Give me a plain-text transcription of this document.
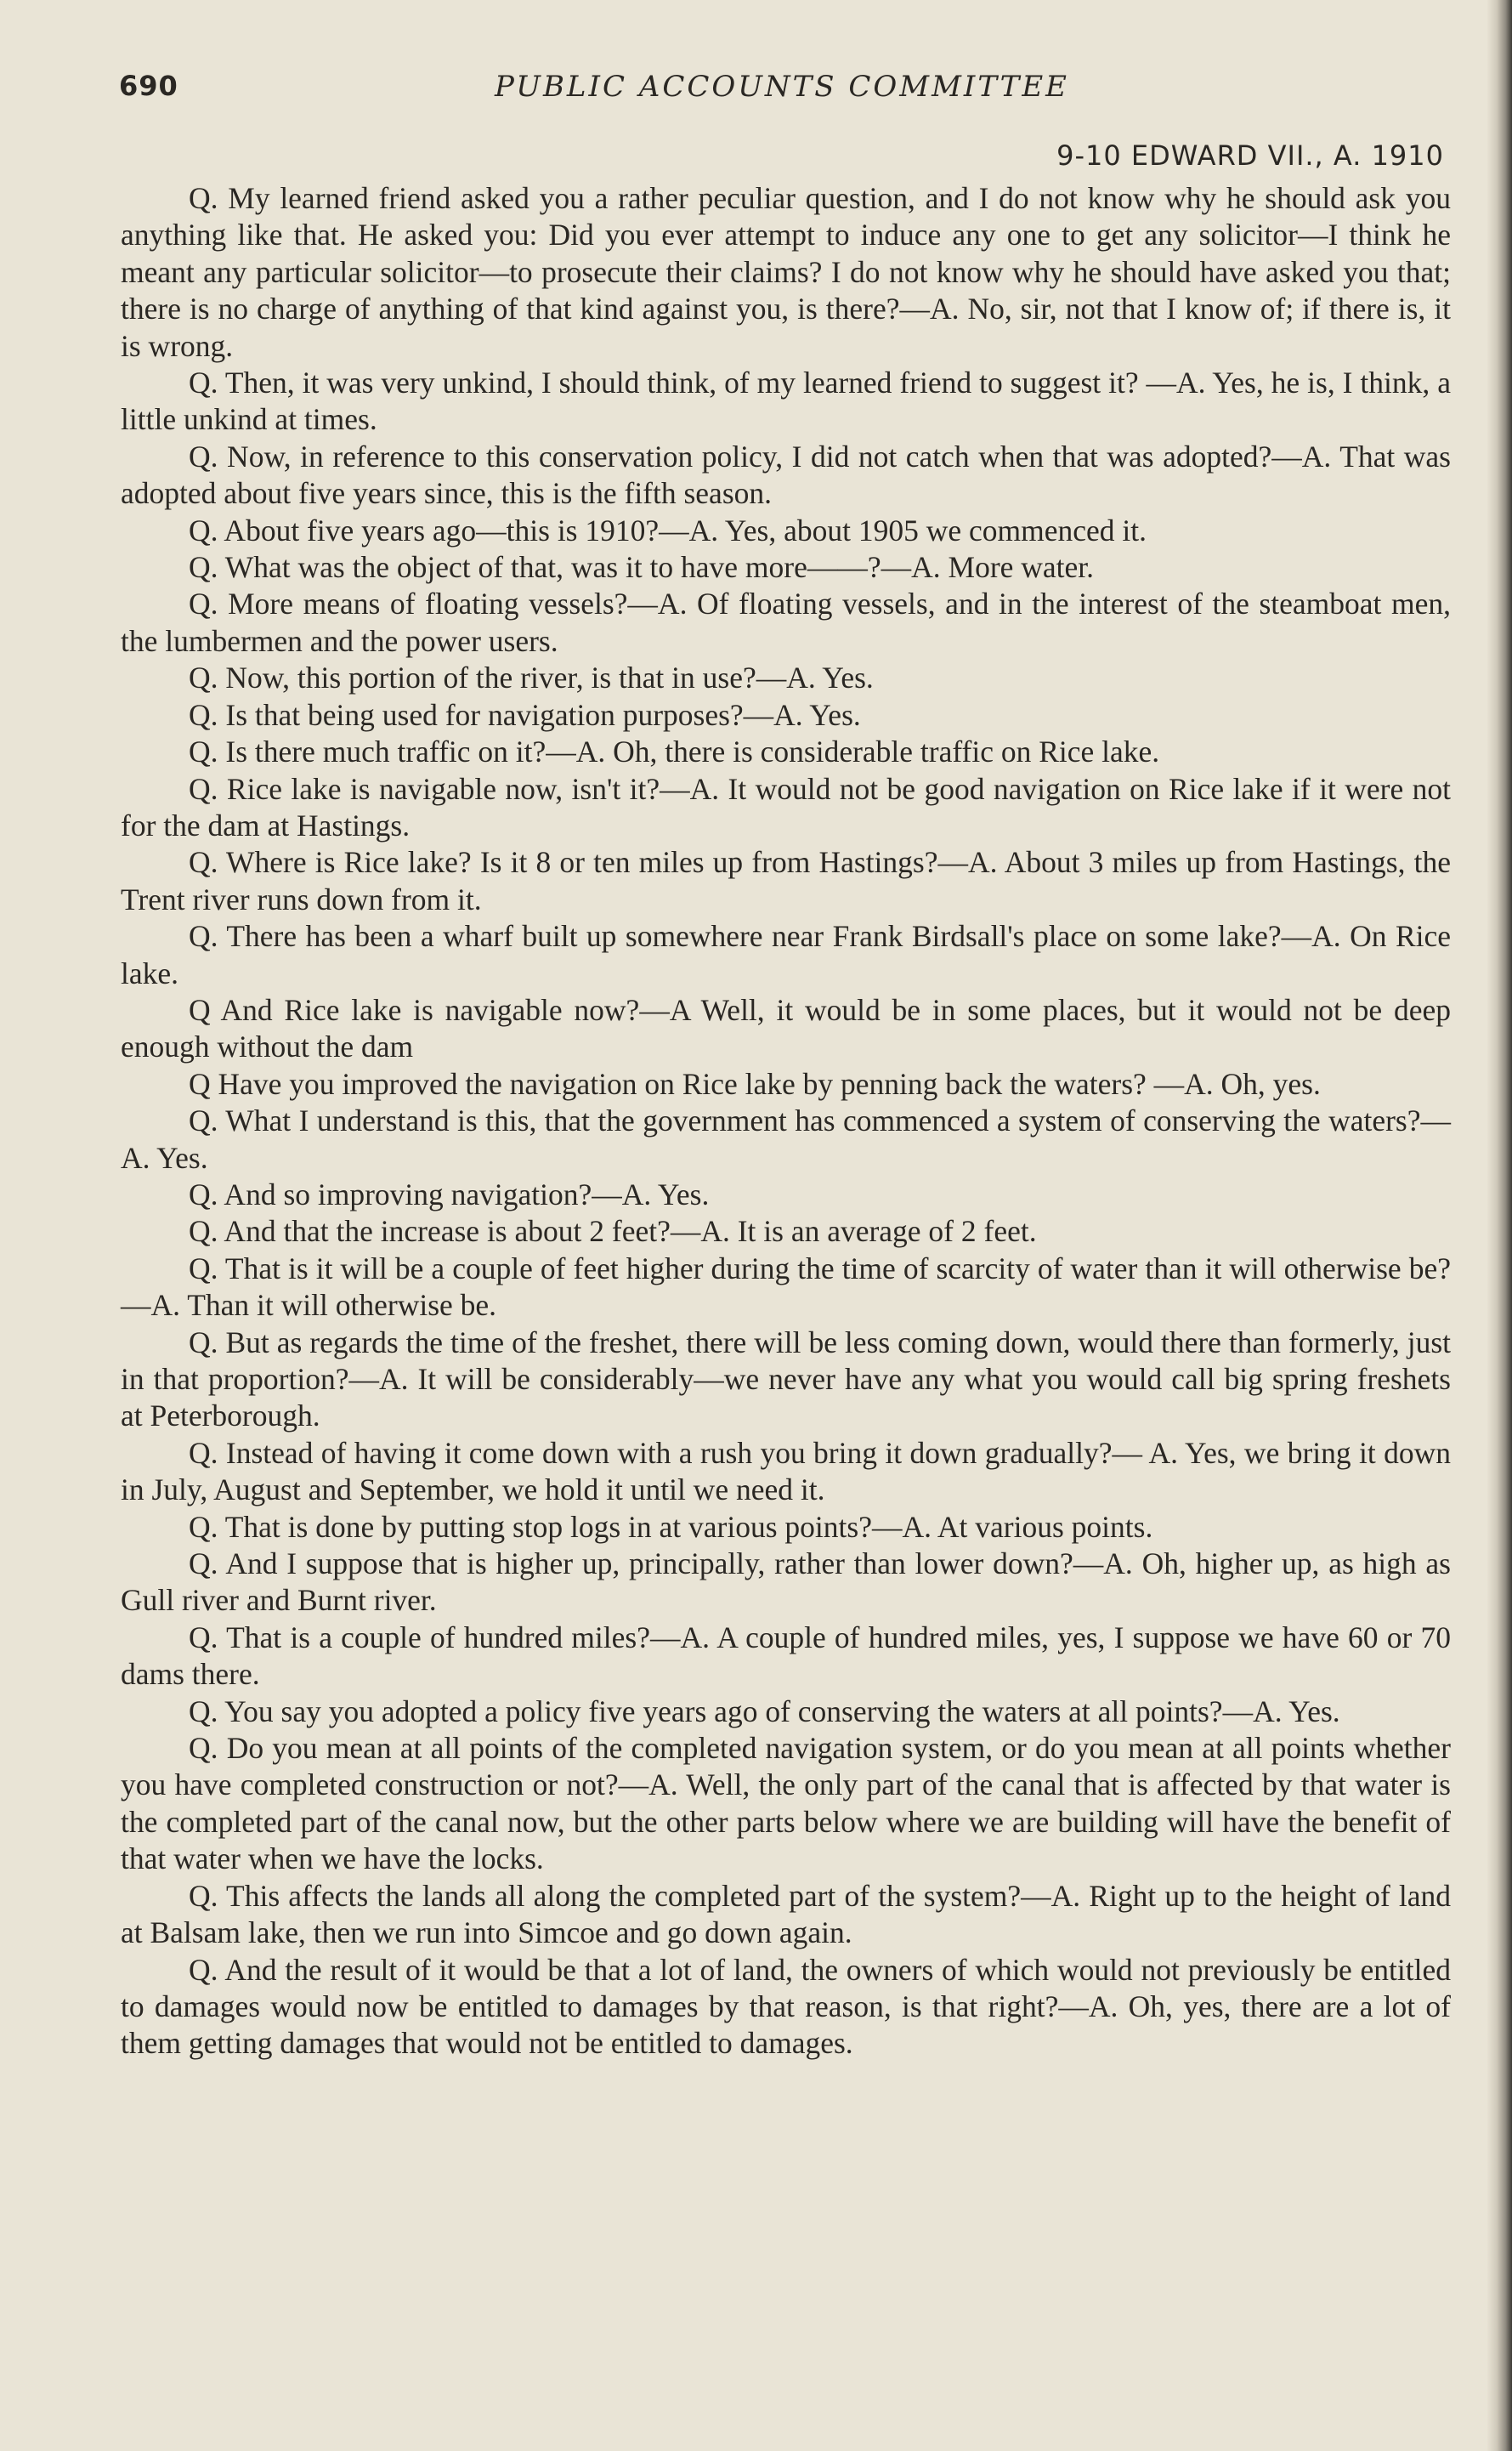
690	PUBLIC ACCOUNTS COMMITTEE
9-10 EDWARD VII., A. 1910

Q. My learned friend asked you a rather peculiar question, and I do not know why he should ask you anything like that. He asked you: Did you ever attempt to induce any one to get any solicitor—I think he meant any particular solicitor—to prosecute their claims? I do not know why he should have asked you that; there is no charge of anything of that kind against you, is there?—A. No, sir, not that I know of; if there is, it is wrong.

Q. Then, it was very unkind, I should think, of my learned friend to suggest it? —A. Yes, he is, I think, a little unkind at times.

Q. Now, in reference to this conservation policy, I did not catch when that was adopted?—A. That was adopted about five years since, this is the fifth season.

Q. About five years ago—this is 1910?—A. Yes, about 1905 we commenced it.

Q. What was the object of that, was it to have more——?—A. More water.

Q. More means of floating vessels?—A. Of floating vessels, and in the interest of the steamboat men, the lumbermen and the power users.

Q. Now, this portion of the river, is that in use?—A. Yes.

Q. Is that being used for navigation purposes?—A. Yes.

Q. Is there much traffic on it?—A. Oh, there is considerable traffic on Rice lake.

Q. Rice lake is navigable now, isn't it?—A. It would not be good navigation on Rice lake if it were not for the dam at Hastings.

Q. Where is Rice lake? Is it 8 or ten miles up from Hastings?—A. About 3 miles up from Hastings, the Trent river runs down from it.

Q. There has been a wharf built up somewhere near Frank Birdsall's place on some lake?—A. On Rice lake.

Q And Rice lake is navigable now?—A Well, it would be in some places, but it would not be deep enough without the dam

Q Have you improved the navigation on Rice lake by penning back the waters? —A. Oh, yes.

Q. What I understand is this, that the government has commenced a system of conserving the waters?—A. Yes.

Q. And so improving navigation?—A. Yes.

Q. And that the increase is about 2 feet?—A. It is an average of 2 feet.

Q. That is it will be a couple of feet higher during the time of scarcity of water than it will otherwise be?—A. Than it will otherwise be.

Q. But as regards the time of the freshet, there will be less coming down, would there than formerly, just in that proportion?—A. It will be considerably—we never have any what you would call big spring freshets at Peterborough.

Q. Instead of having it come down with a rush you bring it down gradually?— A. Yes, we bring it down in July, August and September, we hold it until we need it.

Q. That is done by putting stop logs in at various points?—A. At various points.

Q. And I suppose that is higher up, principally, rather than lower down?—A. Oh, higher up, as high as Gull river and Burnt river.

Q. That is a couple of hundred miles?—A. A couple of hundred miles, yes, I suppose we have 60 or 70 dams there.

Q. You say you adopted a policy five years ago of conserving the waters at all points?—A. Yes.

Q. Do you mean at all points of the completed navigation system, or do you mean at all points whether you have completed construction or not?—A. Well, the only part of the canal that is affected by that water is the completed part of the canal now, but the other parts below where we are building will have the benefit of that water when we have the locks.

Q. This affects the lands all along the completed part of the system?—A. Right up to the height of land at Balsam lake, then we run into Simcoe and go down again.

Q. And the result of it would be that a lot of land, the owners of which would not previously be entitled to damages would now be entitled to damages by that reason, is that right?—A. Oh, yes, there are a lot of them getting damages that would not be entitled to damages.
